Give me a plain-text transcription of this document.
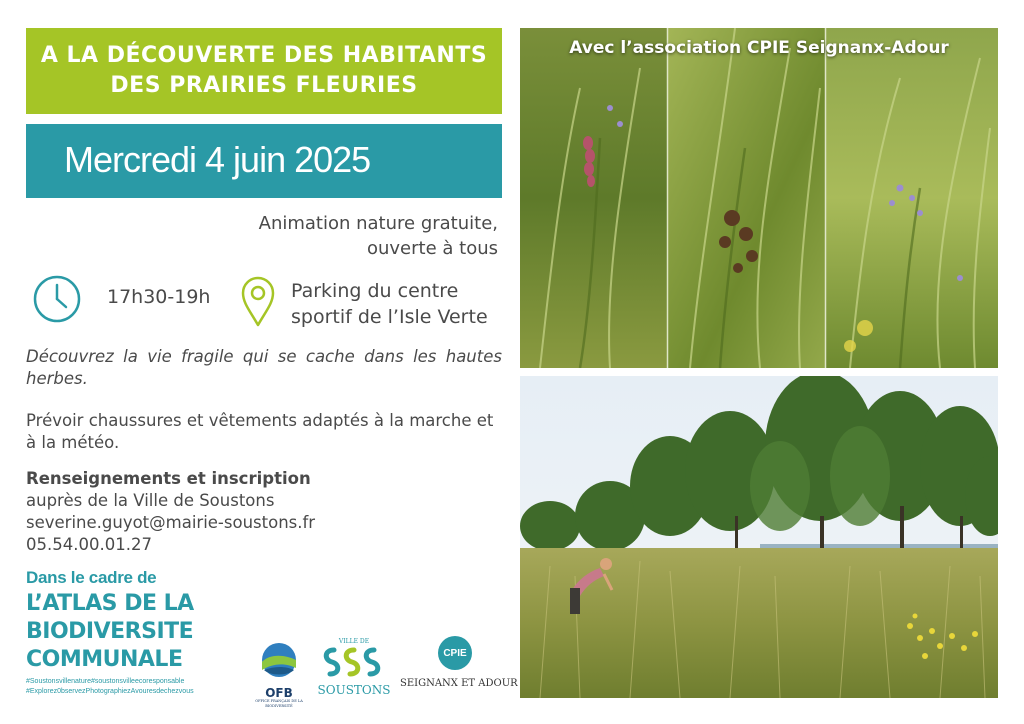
A LA DÉCOUVERTE DES HABITANTS
DES PRAIRIES FLEURIES
Mercredi 4 juin 2025
Animation nature gratuite,
ouverte à tous
17h30-19h	Parking du centre
sportif de l’Isle Verte
Découvrez la vie fragile qui se cache dans les hautes herbes.
Prévoir chaussures et vêtements adaptés à la marche et à la météo.
Renseignements et inscription
auprès de la Ville de Soustons
severine.guyot@mairie-soustons.fr
05.54.00.01.27
Dans le cadre de
L’ATLAS DE LA
BIODIVERSITE
COMMUNALE
#Soustonsvillenature#soustonsvilleecoresponsable
#Explorez0bservezPhotographiezAvouresdechezvous
Avec l’association CPIE Seignanx-Adour
OFB
OFFICE FRANÇAIS DE LA BIODIVERSITÉ
VILLE DE
SOUSTONS
CPIE
SEIGNANX ET ADOUR
